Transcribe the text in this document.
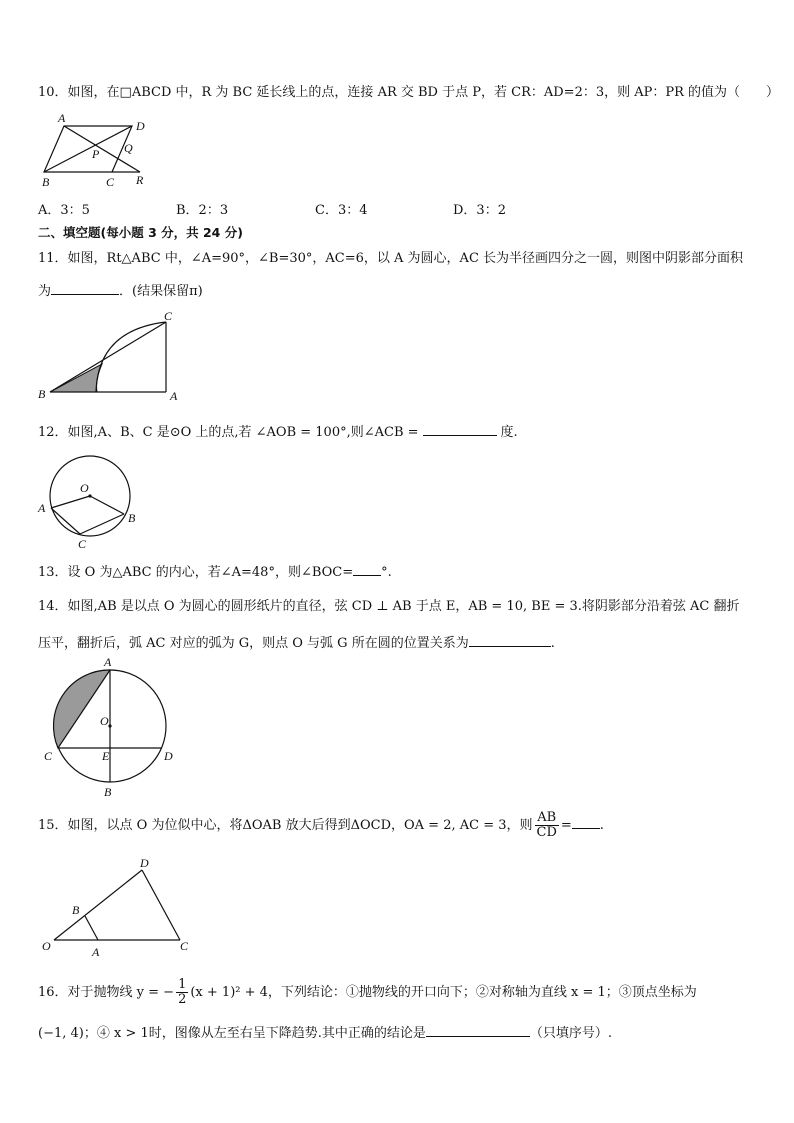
10．如图，在□ABCD 中，R 为 BC 延长线上的点，连接 AR 交 BD 于点 P，若 CR：AD=2：3，则 AP：PR 的值为（　　）
A
D
P Q
B	C R
A．3：5	B．2：3	C．3：4	D．3：2
二、填空题(每小题 3 分，共 24 分)
11．如图，Rt△ABC 中，∠A=90°，∠B=30°，AC=6，以 A 为圆心，AC 长为半径画四分之一圆，则图中阴影部分面积
为	．(结果保留π)
C
B	A
12．如图,A、B、C 是⊙O 上的点,若 ∠AOB = 100°,则∠ACB =	度.
O
A
B
C
13．设 O 为△ABC 的内心，若∠A=48°，则∠BOC= °.
14．如图,AB 是以点 O 为圆心的圆形纸片的直径，弦 CD ⊥ AB 于点 E，AB = 10, BE = 3.将阴影部分沿着弦 AC 翻折
压平，翻折后，弧 AC 对应的弧为 G，则点 O 与弧 G 所在圆的位置关系为	.
A
O
C	E	D
B
15．如图，以点 O 为位似中心，将ΔOAB 放大后得到ΔOCD，OA = 2, AC = 3，则 $\frac{AB}{CD}$ = .
D
B
O	A	C
16．对于抛物线 y = − $\frac{1}{2} (x + 1)^2 + 4$，下列结论：①抛物线的开口向下；②对称轴为直线 x = 1；③顶点坐标为
(−1, 4)；④ x > 1时，图像从左至右呈下降趋势.其中正确的结论是	（只填序号）.
